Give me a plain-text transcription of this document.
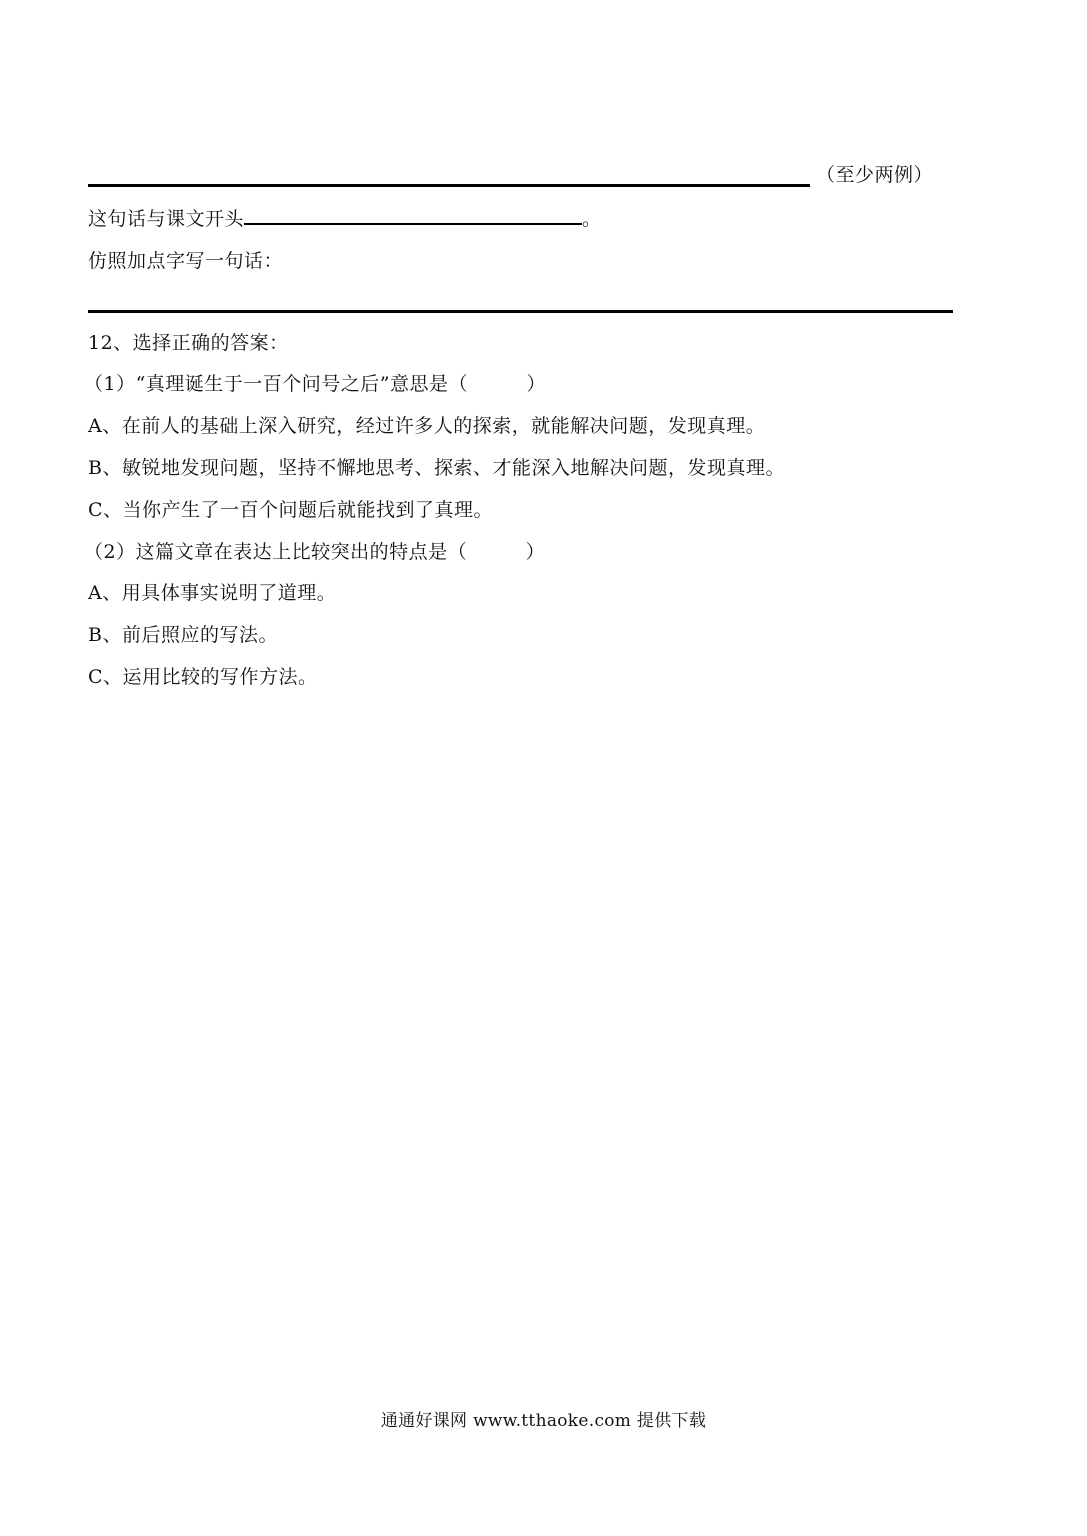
（至少两例）
这句话与课文开头	。
仿照加点字写一句话：
12、选择正确的答案：
（1）“真理诞生于一百个问号之后”意思是（　　　）
A、在前人的基础上深入研究，经过许多人的探索，就能解决问题，发现真理。
B、敏锐地发现问题，坚持不懈地思考、探索、才能深入地解决问题，发现真理。
C、当你产生了一百个问题后就能找到了真理。
（2）这篇文章在表达上比较突出的特点是（　　　）
A、用具体事实说明了道理。
B、前后照应的写法。
C、运用比较的写作方法。
通通好课网 www.tthaoke.com 提供下载
